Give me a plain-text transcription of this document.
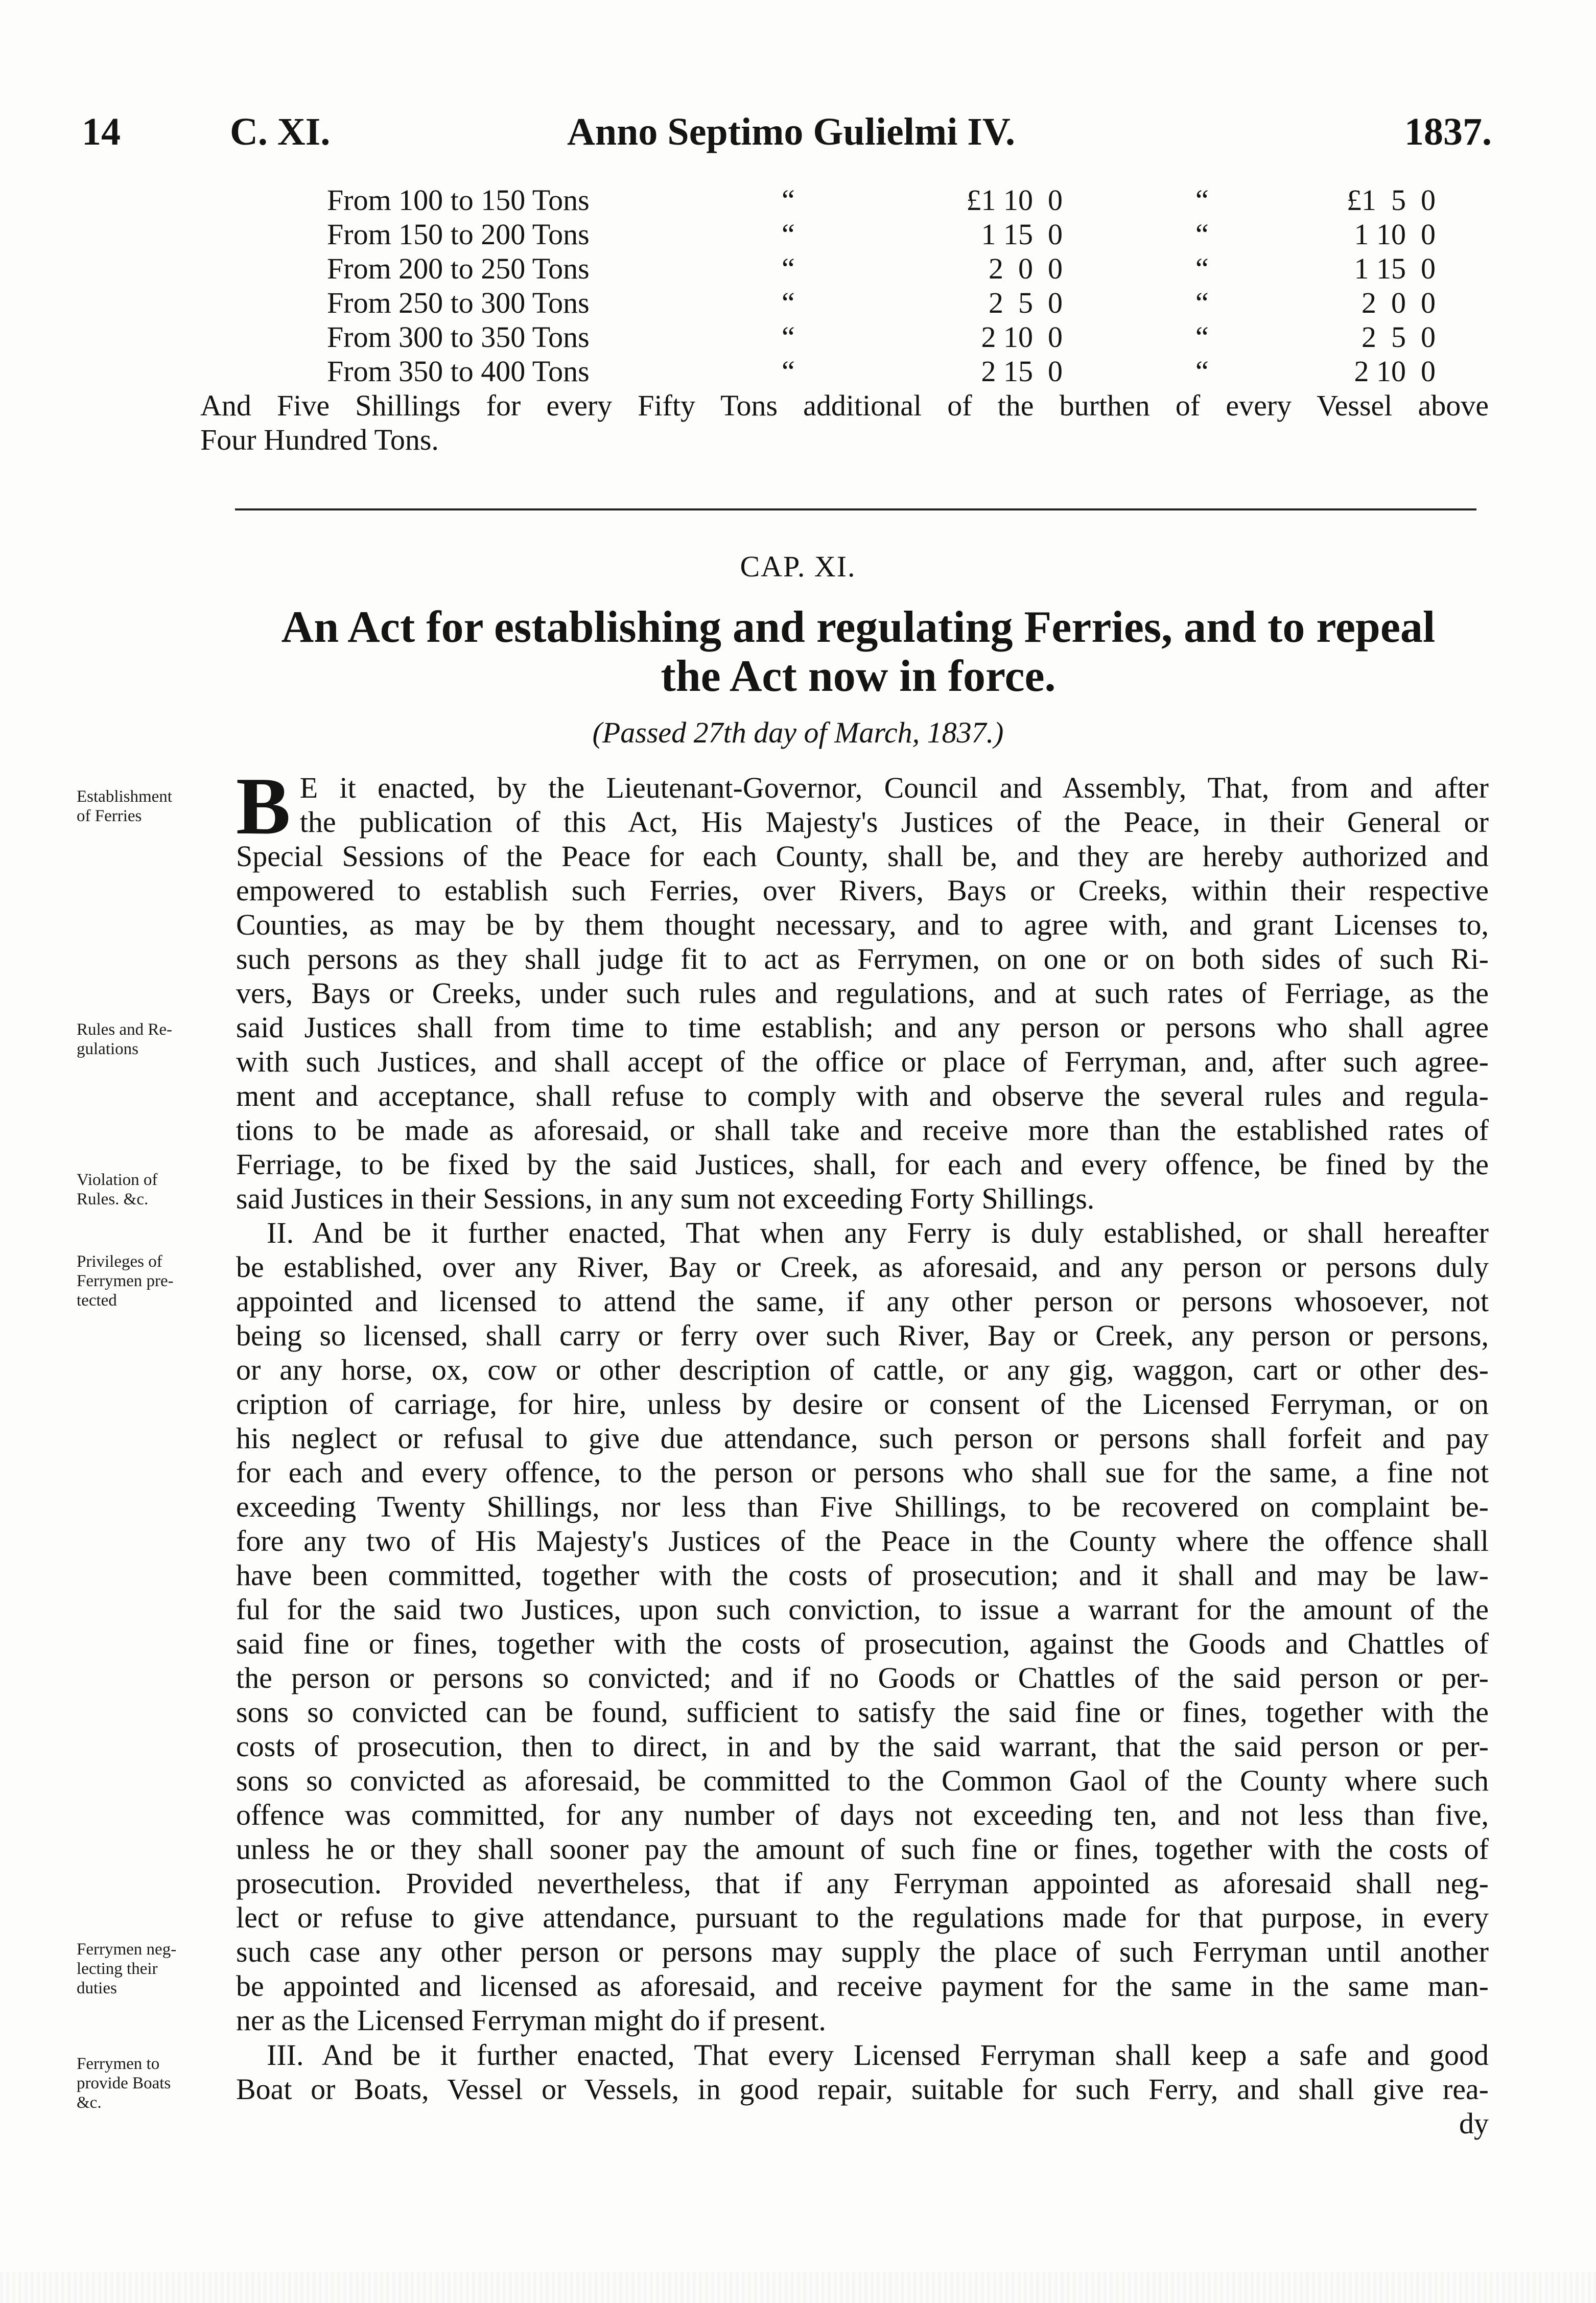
14	C. XI.	Anno Septimo Gulielmi IV.	1837.
From 100 to 150 Tons	“	£1 10  0	“	£1  5  0
From 150 to 200 Tons	“	1 15  0	“	1 10  0
From 200 to 250 Tons	“	2  0  0	“	1 15  0
From 250 to 300 Tons	“	2  5  0	“	2  0  0
From 300 to 350 Tons	“	2 10  0	“	2  5  0
From 350 to 400 Tons	“	2 15  0	“	2 10  0
And Five Shillings for every Fifty Tons additional of the burthen of every Vessel above
Four Hundred Tons.
CAP. XI.
An Act for establishing and regulating Ferries, and to repeal
the Act now in force.
(Passed 27th day of March, 1837.)
Establishment
of Ferries
Rules and Re-
gulations
Violation of
Rules. &c.
Privileges of
Ferrymen pre-
tected
Ferrymen neg-
lecting their
duties
Ferrymen to
provide Boats
&c.
B E it enacted, by the Lieutenant-Governor, Council and Assembly, That, from and after
the publication of this Act, His Majesty's Justices of the Peace, in their General or
Special Sessions of the Peace for each County, shall be, and they are hereby authorized and
empowered to establish such Ferries, over Rivers, Bays or Creeks, within their respective
Counties, as may be by them thought necessary, and to agree with, and grant Licenses to,
such persons as they shall judge fit to act as Ferrymen, on one or on both sides of such Ri-
vers, Bays or Creeks, under such rules and regulations, and at such rates of Ferriage, as the
said Justices shall from time to time establish; and any person or persons who shall agree
with such Justices, and shall accept of the office or place of Ferryman, and, after such agree-
ment and acceptance, shall refuse to comply with and observe the several rules and regula-
tions to be made as aforesaid, or shall take and receive more than the established rates of
Ferriage, to be fixed by the said Justices, shall, for each and every offence, be fined by the
said Justices in their Sessions, in any sum not exceeding Forty Shillings.
II. And be it further enacted, That when any Ferry is duly established, or shall hereafter
be established, over any River, Bay or Creek, as aforesaid, and any person or persons duly
appointed and licensed to attend the same, if any other person or persons whosoever, not
being so licensed, shall carry or ferry over such River, Bay or Creek, any person or persons,
or any horse, ox, cow or other description of cattle, or any gig, waggon, cart or other des-
cription of carriage, for hire, unless by desire or consent of the Licensed Ferryman, or on
his neglect or refusal to give due attendance, such person or persons shall forfeit and pay
for each and every offence, to the person or persons who shall sue for the same, a fine not
exceeding Twenty Shillings, nor less than Five Shillings, to be recovered on complaint be-
fore any two of His Majesty's Justices of the Peace in the County where the offence shall
have been committed, together with the costs of prosecution; and it shall and may be law-
ful for the said two Justices, upon such conviction, to issue a warrant for the amount of the
said fine or fines, together with the costs of prosecution, against the Goods and Chattles of
the person or persons so convicted; and if no Goods or Chattles of the said person or per-
sons so convicted can be found, sufficient to satisfy the said fine or fines, together with the
costs of prosecution, then to direct, in and by the said warrant, that the said person or per-
sons so convicted as aforesaid, be committed to the Common Gaol of the County where such
offence was committed, for any number of days not exceeding ten, and not less than five,
unless he or they shall sooner pay the amount of such fine or fines, together with the costs of
prosecution. Provided nevertheless, that if any Ferryman appointed as aforesaid shall neg-
lect or refuse to give attendance, pursuant to the regulations made for that purpose, in every
such case any other person or persons may supply the place of such Ferryman until another
be appointed and licensed as aforesaid, and receive payment for the same in the same man-
ner as the Licensed Ferryman might do if present.
III. And be it further enacted, That every Licensed Ferryman shall keep a safe and good
Boat or Boats, Vessel or Vessels, in good repair, suitable for such Ferry, and shall give rea-
dy
